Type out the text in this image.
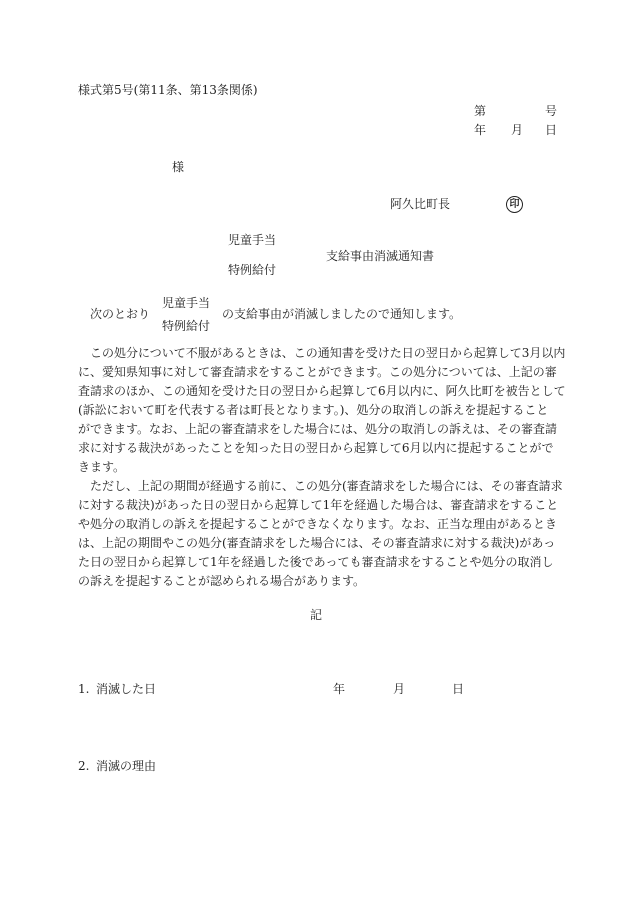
様式第5号(第11条、第13条関係)
第	号
年 月 日
様
阿久比町長	印
児童手当
支給事由消滅通知書
特例給付
次のとおり
児童手当
特例給付
の支給事由が消滅しましたので通知します。
この処分について不服があるときは、この通知書を受けた日の翌日から起算して3月以内
に、愛知県知事に対して審査請求をすることができます。この処分については、上記の審
査請求のほか、この通知を受けた日の翌日から起算して6月以内に、阿久比町を被告として
(訴訟において町を代表する者は町長となります。)、処分の取消しの訴えを提起すること
ができます。なお、上記の審査請求をした場合には、処分の取消しの訴えは、その審査請
求に対する裁決があったことを知った日の翌日から起算して6月以内に提起することがで
きます。
ただし、上記の期間が経過する前に、この処分(審査請求をした場合には、その審査請求
に対する裁決)があった日の翌日から起算して1年を経過した場合は、審査請求をすること
や処分の取消しの訴えを提起することができなくなります。なお、正当な理由があるとき
は、上記の期間やこの処分(審査請求をした場合には、その審査請求に対する裁決)があっ
た日の翌日から起算して1年を経過した後であっても審査請求をすることや処分の取消し
の訴えを提起することが認められる場合があります。
記
1. 消滅した日	年	月	日
2. 消滅の理由
